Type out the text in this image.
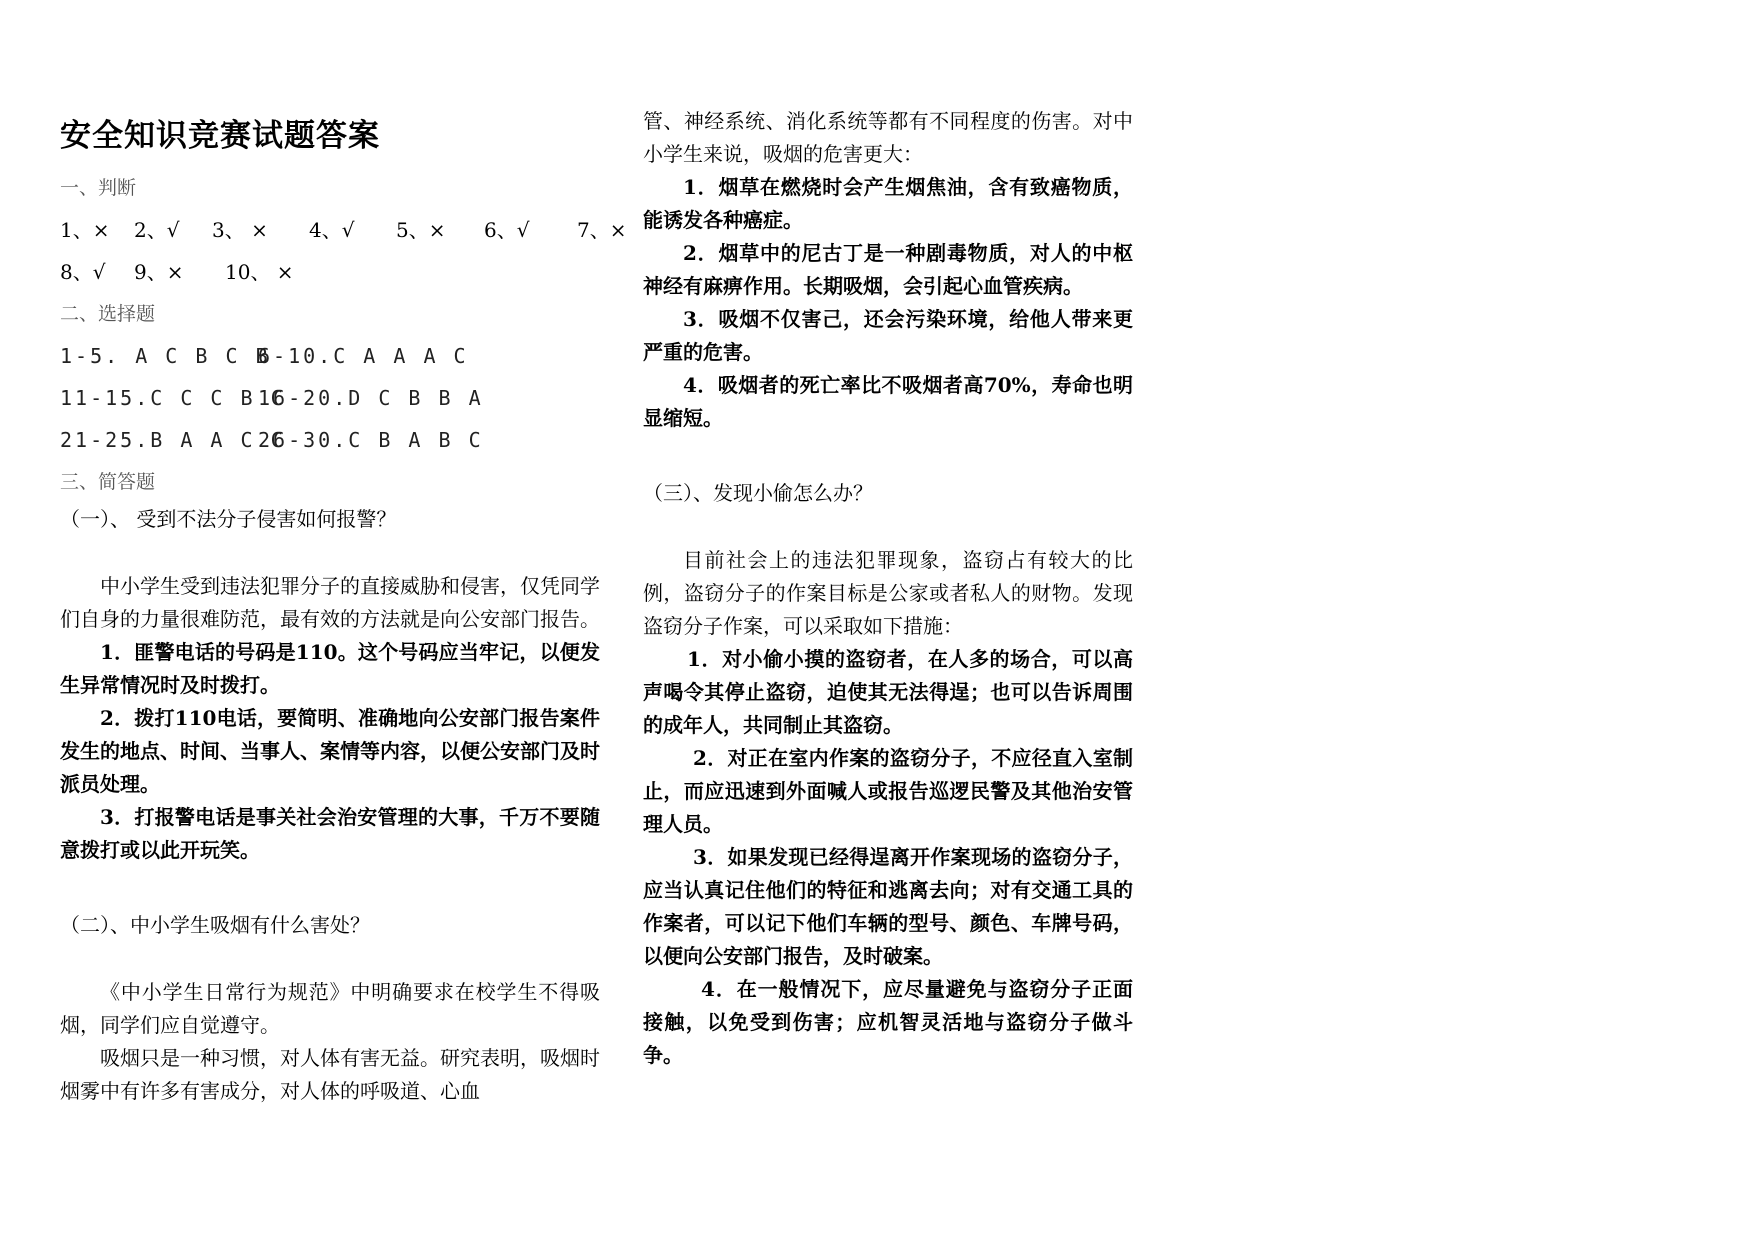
安全知识竞赛试题答案
一、判断
1、× 2、√ 3、 × 4、√ 5、× 6、√ 7、×
8、√ 9、× 10、 ×
二、选择题
1-5. A C B C B
6-10.C A A A C
11-15.C C C B C
16-20.D C B B A
21-25.B A A C C
26-30.C B A B C
三、简答题
（一）、 受到不法分子侵害如何报警？
中小学生受到违法犯罪分子的直接威胁和侵害，仅凭同学们自身的力量很难防范，最有效的方法就是向公安部门报告。
1．匪警电话的号码是110。这个号码应当牢记，以便发生异常情况时及时拨打。
2．拨打110电话，要简明、准确地向公安部门报告案件发生的地点、时间、当事人、案情等内容，以便公安部门及时派员处理。
3．打报警电话是事关社会治安管理的大事，千万不要随意拨打或以此开玩笑。
（二）、中小学生吸烟有什么害处？
《中小学生日常行为规范》中明确要求在校学生不得吸烟，同学们应自觉遵守。
吸烟只是一种习惯，对人体有害无益。研究表明，吸烟时烟雾中有许多有害成分，对人体的呼吸道、心血
管、神经系统、消化系统等都有不同程度的伤害。对中小学生来说，吸烟的危害更大：
1．烟草在燃烧时会产生烟焦油，含有致癌物质，能诱发各种癌症。
2．烟草中的尼古丁是一种剧毒物质，对人的中枢神经有麻痹作用。长期吸烟，会引起心血管疾病。
3．吸烟不仅害己，还会污染环境，给他人带来更严重的危害。
4．吸烟者的死亡率比不吸烟者高70%，寿命也明显缩短。
（三）、发现小偷怎么办？
目前社会上的违法犯罪现象，盗窃占有较大的比例，盗窃分子的作案目标是公家或者私人的财物。发现盗窃分子作案，可以采取如下措施：
1．对小偷小摸的盗窃者，在人多的场合，可以高声喝令其停止盗窃，迫使其无法得逞；也可以告诉周围的成年人，共同制止其盗窃。
2．对正在室内作案的盗窃分子，不应径直入室制止，而应迅速到外面喊人或报告巡逻民警及其他治安管理人员。
3．如果发现已经得逞离开作案现场的盗窃分子，应当认真记住他们的特征和逃离去向；对有交通工具的作案者，可以记下他们车辆的型号、颜色、车牌号码，以便向公安部门报告，及时破案。
4．在一般情况下，应尽量避免与盗窃分子正面接触，以免受到伤害；应机智灵活地与盗窃分子做斗争。
